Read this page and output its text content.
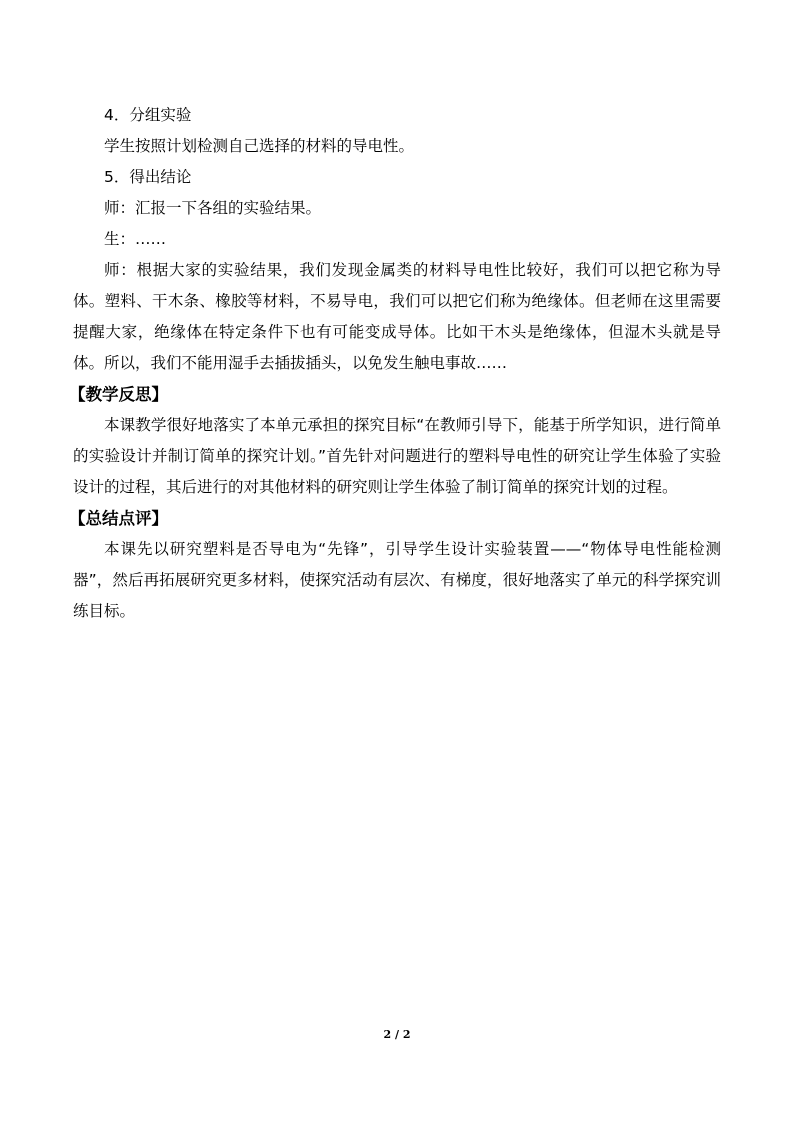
4．分组实验
学生按照计划检测自己选择的材料的导电性。
5．得出结论
师：汇报一下各组的实验结果。
生：……

师：根据大家的实验结果，我们发现金属类的材料导电性比较好，我们可以把它称为导体。塑料、干木条、橡胶等材料，不易导电，我们可以把它们称为绝缘体。但老师在这里需要提醒大家，绝缘体在特定条件下也有可能变成导体。比如干木头是绝缘体，但湿木头就是导体。所以，我们不能用湿手去插拔插头，以免发生触电事故……

【教学反思】

本课教学很好地落实了本单元承担的探究目标“在教师引导下，能基于所学知识，进行简单的实验设计并制订简单的探究计划。”首先针对问题进行的塑料导电性的研究让学生体验了实验设计的过程，其后进行的对其他材料的研究则让学生体验了制订简单的探究计划的过程。

【总结点评】

本课先以研究塑料是否导电为“先锋”，引导学生设计实验装置——“物体导电性能检测器”，然后再拓展研究更多材料，使探究活动有层次、有梯度，很好地落实了单元的科学探究训练目标。

2 / 2
